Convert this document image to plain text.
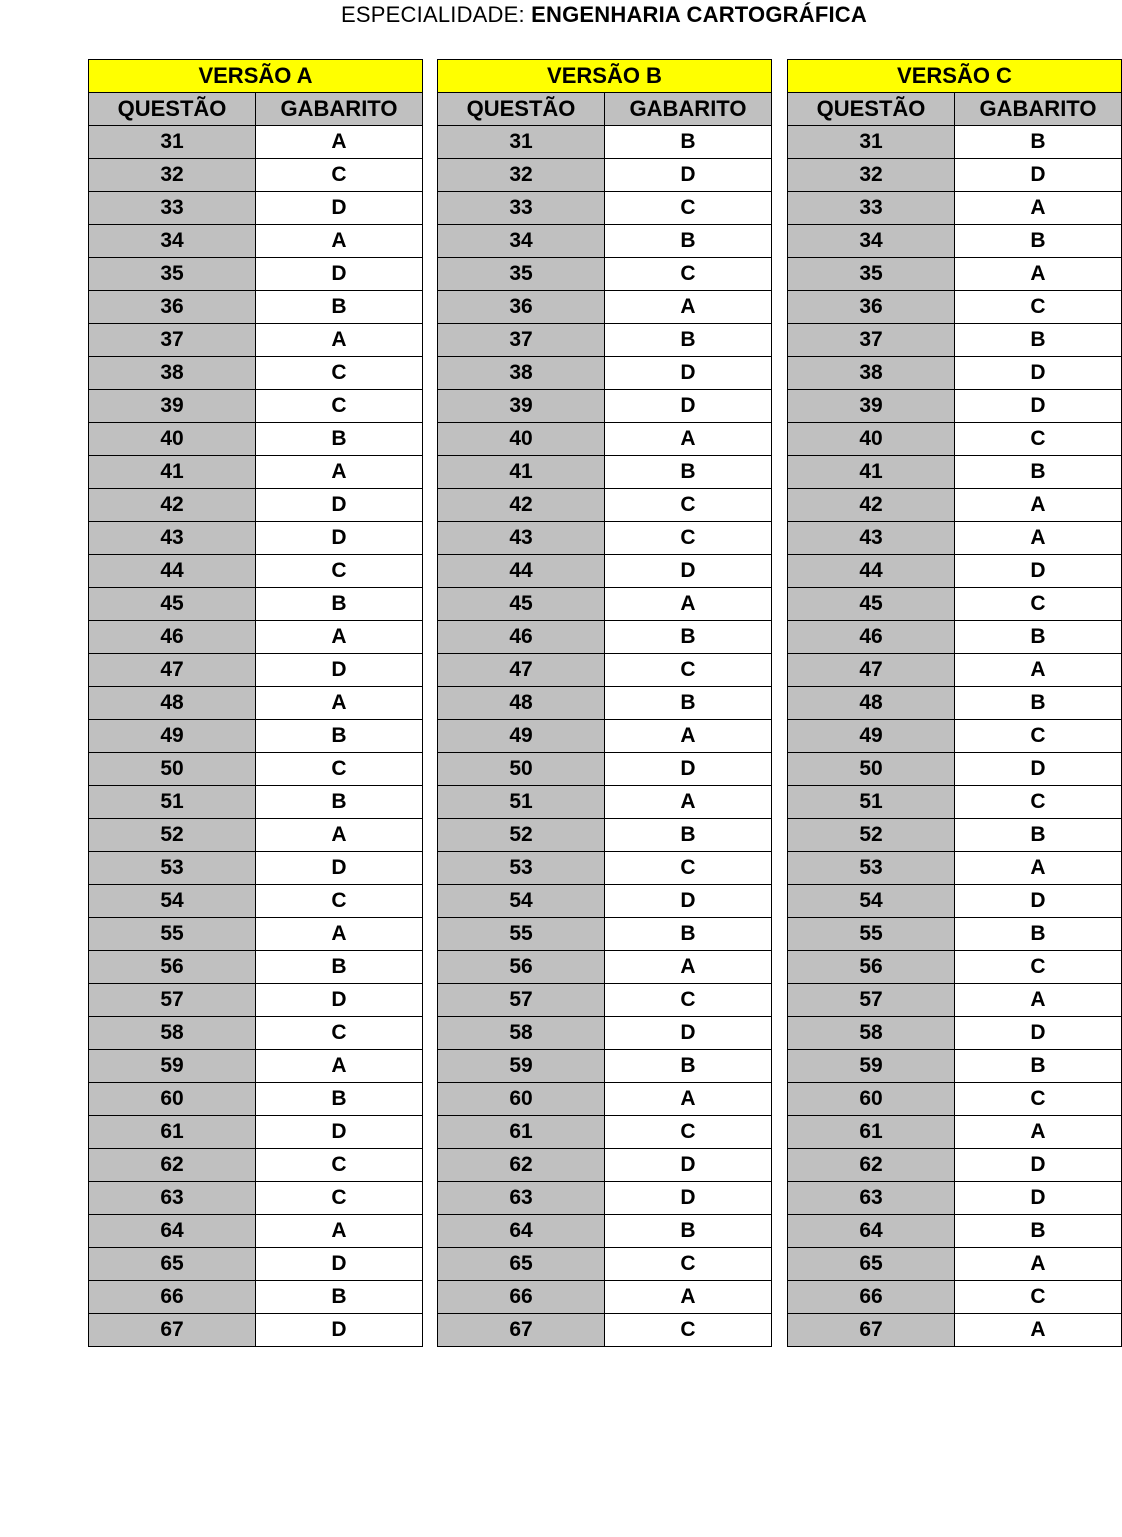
ESPECIALIDADE: ENGENHARIA CARTOGRÁFICA
VERSÃO A	
QUESTÃO	GABARITO
31	A
32	C
33	D
34	A
35	D
36	B
37	A
38	C
39	C
40	B
41	A
42	D
43	D
44	C
45	B
46	A
47	D
48	A
49	B
50	C
51	B
52	A
53	D
54	C
55	A
56	B
57	D
58	C
59	A
60	B
61	D
62	C
63	C
64	A
65	D
66	B
67	D
VERSÃO B	
QUESTÃO	GABARITO
31	B
32	D
33	C
34	B
35	C
36	A
37	B
38	D
39	D
40	A
41	B
42	C
43	C
44	D
45	A
46	B
47	C
48	B
49	A
50	D
51	A
52	B
53	C
54	D
55	B
56	A
57	C
58	D
59	B
60	A
61	C
62	D
63	D
64	B
65	C
66	A
67	C
VERSÃO C	
QUESTÃO	GABARITO
31	B
32	D
33	A
34	B
35	A
36	C
37	B
38	D
39	D
40	C
41	B
42	A
43	A
44	D
45	C
46	B
47	A
48	B
49	C
50	D
51	C
52	B
53	A
54	D
55	B
56	C
57	A
58	D
59	B
60	C
61	A
62	D
63	D
64	B
65	A
66	C
67	A
